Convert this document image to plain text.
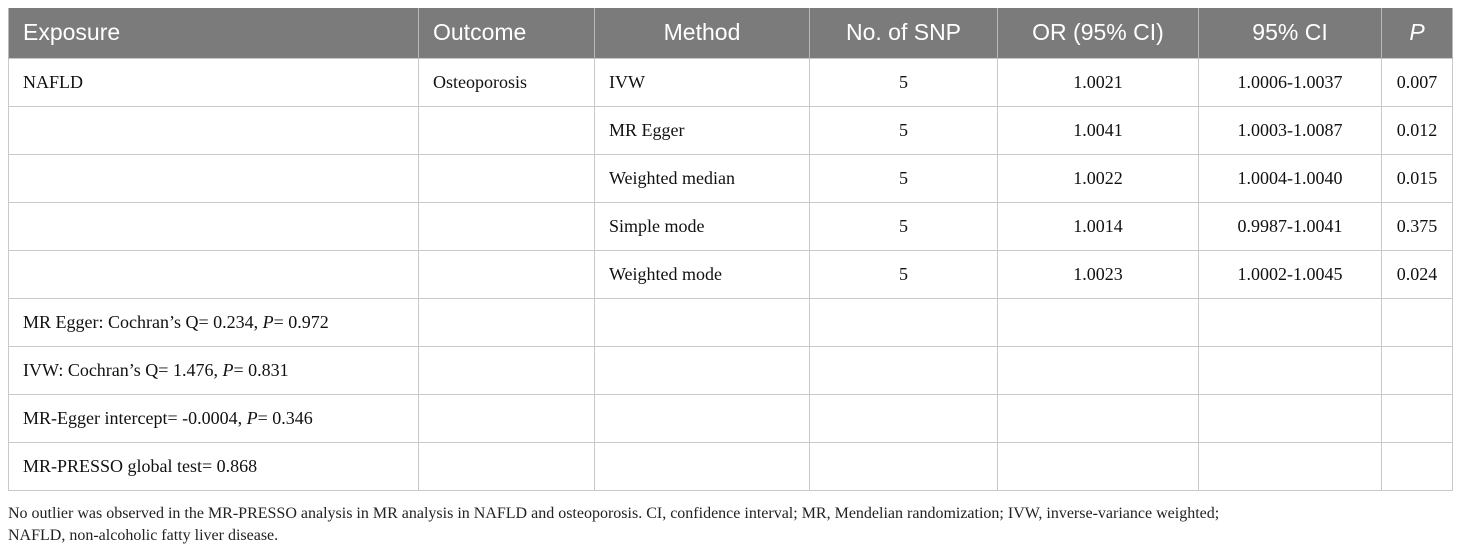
Exposure	Outcome	Method	No. of SNP	OR (95% CI)	95% CI	P
NAFLD	Osteoporosis	IVW	5	1.0021	1.0006-1.0037	0.007
		MR Egger	5	1.0041	1.0003-1.0087	0.012
		Weighted median	5	1.0022	1.0004-1.0040	0.015
		Simple mode	5	1.0014	0.9987-1.0041	0.375
		Weighted mode	5	1.0023	1.0002-1.0045	0.024
MR Egger: Cochran’s Q= 0.234, P= 0.972						
IVW: Cochran’s Q= 1.476, P= 0.831						
MR-Egger intercept= -0.0004, P= 0.346						
MR-PRESSO global test= 0.868						
No outlier was observed in the MR-PRESSO analysis in MR analysis in NAFLD and osteoporosis. CI, confidence interval; MR, Mendelian randomization; IVW, inverse-variance weighted;
NAFLD, non-alcoholic fatty liver disease.
